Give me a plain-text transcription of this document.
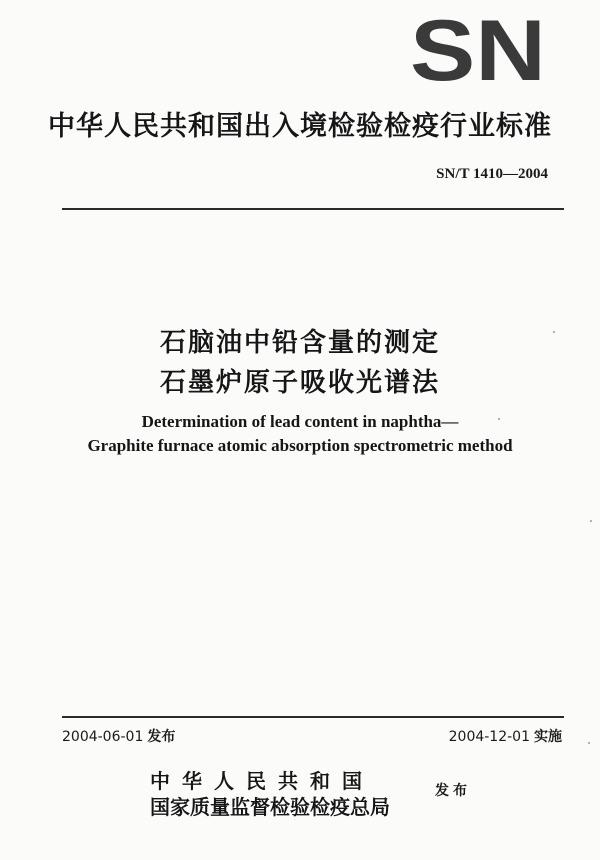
SN
中华人民共和国出入境检验检疫行业标准
SN/T 1410—2004
石脑油中铅含量的测定
石墨炉原子吸收光谱法
Determination of lead content in naphtha—
Graphite furnace atomic absorption spectrometric method
2004-06-01 发布	2004-12-01 实施
中华人民共和国
国家质量监督检验检疫总局
发布
